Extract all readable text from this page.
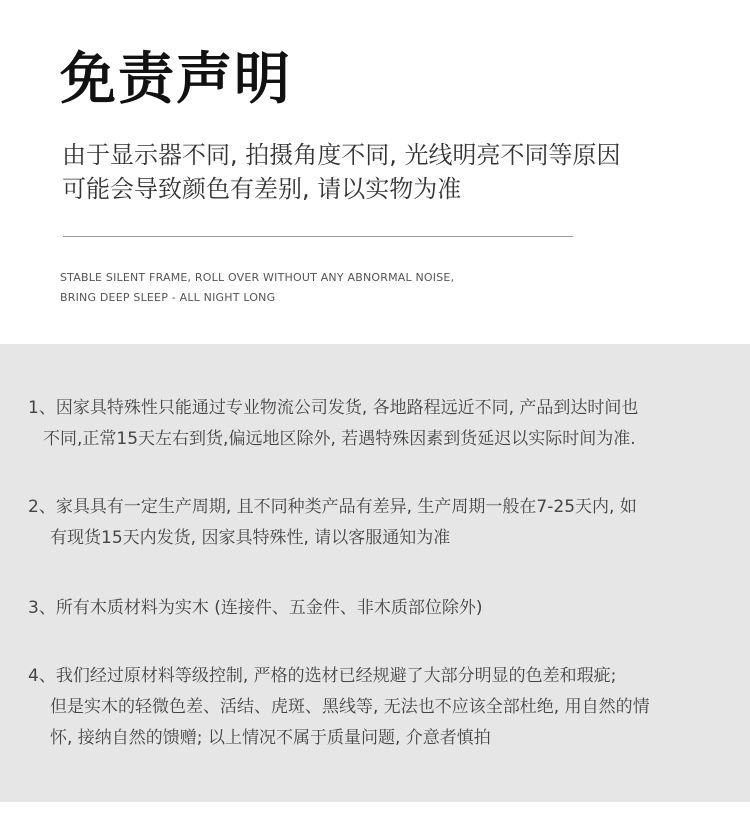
免责声明
由于显示器不同, 拍摄角度不同, 光线明亮不同等原因
可能会导致颜色有差别, 请以实物为准
STABLE SILENT FRAME, ROLL OVER WITHOUT ANY ABNORMAL NOISE,
BRING DEEP SLEEP - ALL NIGHT LONG
1、因家具特殊性只能通过专业物流公司发货, 各地路程远近不同, 产品到达时间也
不同,正常15天左右到货,偏远地区除外, 若遇特殊因素到货延迟以实际时间为准.
2、家具具有一定生产周期, 且不同种类产品有差异, 生产周期一般在7-25天内, 如
有现货15天内发货, 因家具特殊性, 请以客服通知为准
3、所有木质材料为实木 (连接件、五金件、非木质部位除外)
4、我们经过原材料等级控制, 严格的选材已经规避了大部分明显的色差和瑕疵;
但是实木的轻微色差、活结、虎斑、黑线等, 无法也不应该全部杜绝, 用自然的情
怀, 接纳自然的馈赠; 以上情况不属于质量问题, 介意者慎拍
